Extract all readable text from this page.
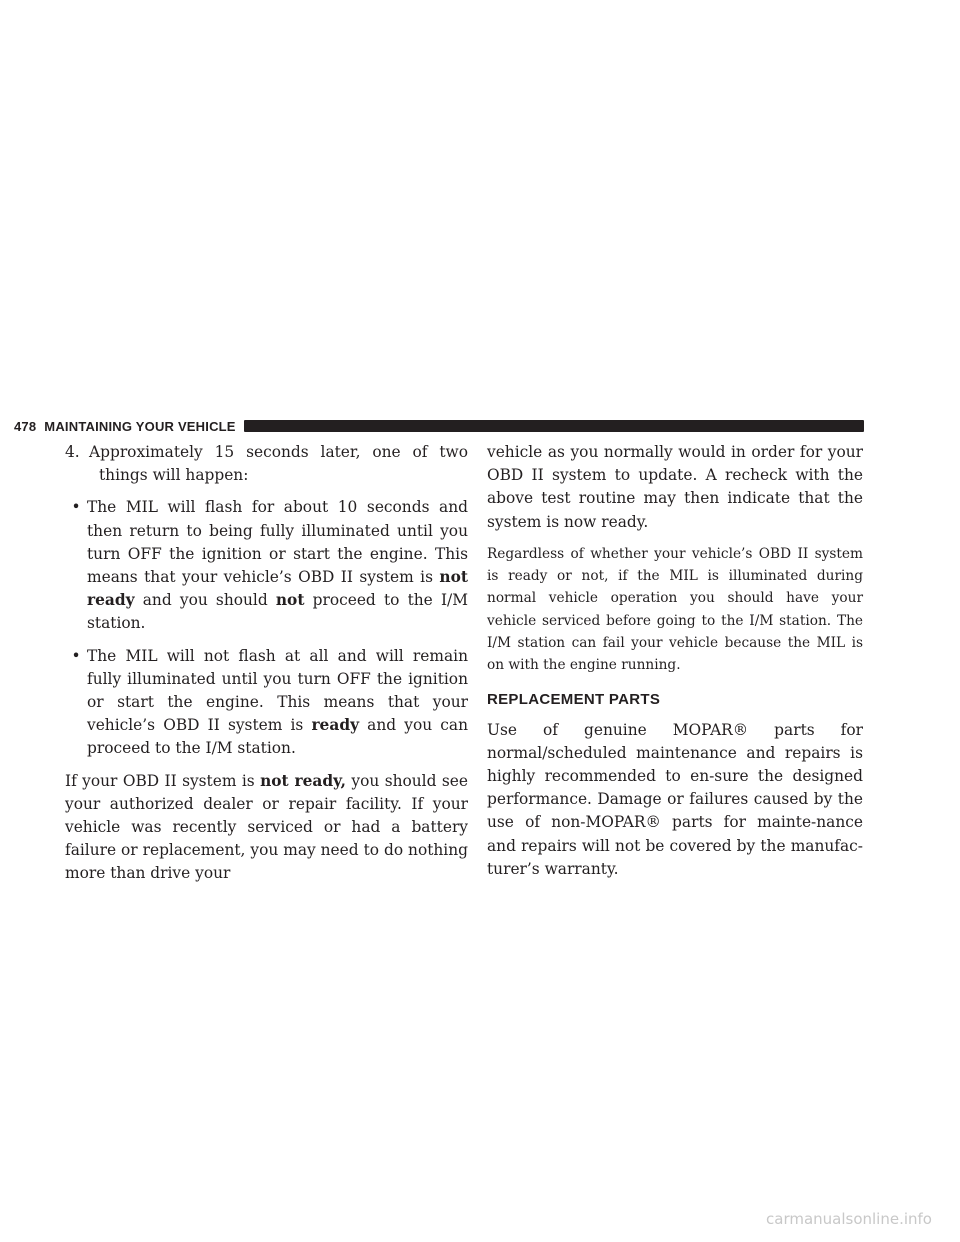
478 MAINTAINING YOUR VEHICLE
4. Approximately 15 seconds later, one of two things will happen:

• The MIL will flash for about 10 seconds and then return to being fully illuminated until you turn OFF the ignition or start the engine. This means that your vehicle’s OBD II system is not ready and you should not proceed to the I/M station.

• The MIL will not flash at all and will remain fully illuminated until you turn OFF the ignition or start the engine. This means that your vehicle’s OBD II system is ready and you can proceed to the I/M station.

If your OBD II system is not ready, you should see your authorized dealer or repair facility. If your vehicle was recently serviced or had a battery failure or replacement, you may need to do nothing more than drive your

vehicle as you normally would in order for your OBD II system to update. A recheck with the above test routine may then indicate that the system is now ready.

Regardless of whether your vehicle’s OBD II system is ready or not, if the MIL is illuminated during normal vehicle operation you should have your vehicle serviced before going to the I/M station. The I/M station can fail your vehicle because the MIL is on with the engine running.

REPLACEMENT PARTS

Use of genuine MOPAR® parts for normal/scheduled maintenance and repairs is highly recommended to en-sure the designed performance. Damage or failures caused by the use of non-MOPAR® parts for mainte-nance and repairs will not be covered by the manufac-turer’s warranty.

carmanualsonline.info
